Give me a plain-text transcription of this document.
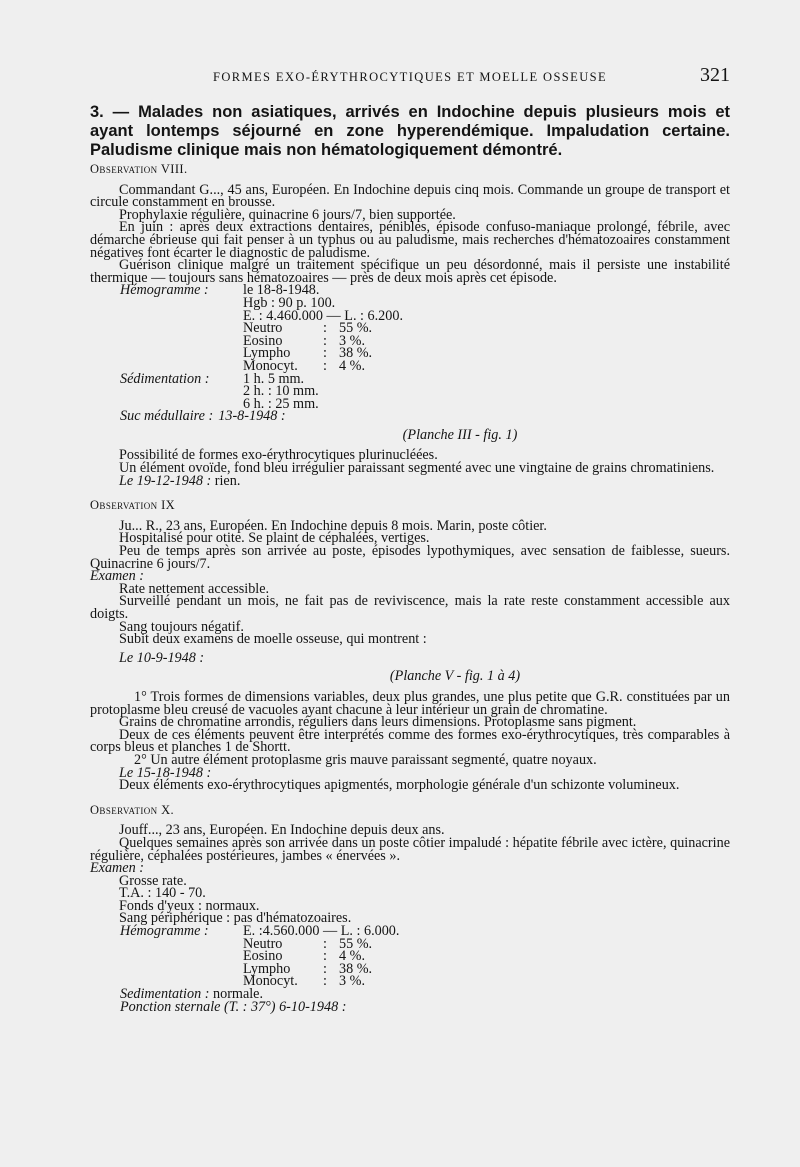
FORMES EXO-ÉRYTHROCYTIQUES ET MOELLE OSSEUSE	321
3. — Malades non asiatiques, arrivés en Indochine depuis plusieurs mois et ayant lontemps séjourné en zone hyperendémique. Impaludation certaine. Paludisme clinique mais non hématologiquement démontré.
Observation VIII.

Commandant G..., 45 ans, Européen. En Indochine depuis cinq mois. Commande un groupe de transport et circule constamment en brousse.

Prophylaxie régulière, quinacrine 6 jours/7, bien supportée.

En juin : après deux extractions dentaires, pénibles, épisode confuso-maniaque prolongé, fébrile, avec démarche ébrieuse qui fait penser à un typhus ou au paludisme, mais recherches d'hématozoaires constamment négatives font écarter le diagnostic de paludisme.

Guérison clinique malgré un traitement spécifique un peu désordonné, mais il persiste une instabilité thermique — toujours sans hématozoaires — près de deux mois après cet épisode.

Hémogramme :	le 18-8-1948.

Hgb : 90 p. 100.

E. : 4.460.000 — L. : 6.200.

Neutro	: 55 %.
Eosino	: 3 %.
Lympho	: 38 %.
Monocyt.	: 4 %.
Sédimentation :	1 h. 5 mm.

2 h. : 10 mm.

6 h. : 25 mm.

Suc médullaire : 13-8-1948 :

(Planche III - fig. 1)

Possibilité de formes exo-érythrocytiques plurinucléées.

Un élément ovoïde, fond bleu irrégulier paraissant segmenté avec une vingtaine de grains chromatiniens.

Le 19-12-1948 : rien.

Observation IX

Ju... R., 23 ans, Européen. En Indochine depuis 8 mois. Marin, poste côtier.

Hospitalisé pour otite. Se plaint de céphalées, vertiges.

Peu de temps après son arrivée au poste, épisodes lypothymiques, avec sensation de faiblesse, sueurs. Quinacrine 6 jours/7.

Examen :

Rate nettement accessible.

Surveillé pendant un mois, ne fait pas de reviviscence, mais la rate reste constamment accessible aux doigts.

Sang toujours négatif.

Subit deux examens de moelle osseuse, qui montrent :

Le 10-9-1948 :

(Planche V - fig. 1 à 4)

1° Trois formes de dimensions variables, deux plus grandes, une plus petite que G.R. constituées par un protoplasme bleu creusé de vacuoles ayant chacune à leur intérieur un grain de chromatine.

Grains de chromatine arrondis, réguliers dans leurs dimensions. Protoplasme sans pigment.

Deux de ces éléments peuvent être interprétés comme des formes exo-érythrocytiques, très comparables à corps bleus et planches 1 de Shortt.

2° Un autre élément protoplasme gris mauve paraissant segmenté, quatre noyaux.

Le 15-18-1948 :

Deux éléments exo-érythrocytiques apigmentés, morphologie générale d'un schizonte volumineux.

Observation X.

Jouff..., 23 ans, Européen. En Indochine depuis deux ans.

Quelques semaines après son arrivée dans un poste côtier impaludé : hépatite fébrile avec ictère, quinacrine régulière, céphalées postérieures, jambes « énervées ».

Examen :

Grosse rate.

T.A. : 140 - 70.

Fonds d'yeux : normaux.

Sang périphérique : pas d'hématozoaires.

Hémogramme :	E. :4.560.000 — L. : 6.000.
Neutro	: 55 %.
Eosino	: 4 %.
Lympho	: 38 %.
Monocyt.	: 3 %.

Sedimentation : normale.

Ponction sternale (T. : 37°) 6-10-1948 :
